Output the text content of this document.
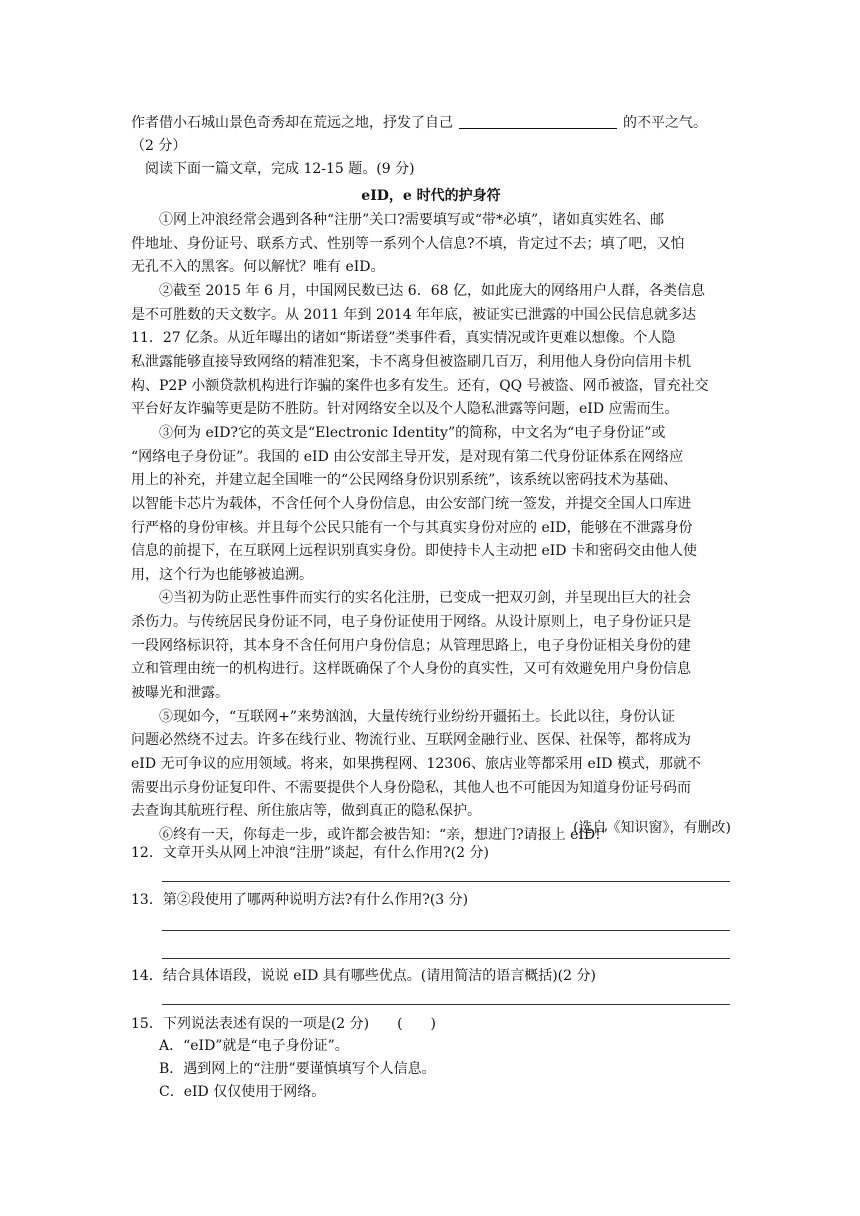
作者借小石城山景色奇秀却在荒远之地，抒发了自己	的不平之气。
（2 分）
阅读下面一篇文章，完成 12-15 题。(9 分)
eID，e 时代的护身符
①网上冲浪经常会遇到各种“注册”关口?需要填写或“带*必填”，诸如真实姓名、邮
件地址、身份证号、联系方式、性别等一系列个人信息?不填，肯定过不去；填了吧，又怕
无孔不入的黑客。何以解忧？唯有 eID。
②截至 2015 年 6 月，中国网民数已达 6．68 亿，如此庞大的网络用户人群，各类信息
是不可胜数的天文数字。从 2011 年到 2014 年年底，被证实已泄露的中国公民信息就多达
11．27 亿条。从近年曝出的诸如“斯诺登”类事件看，真实情况或许更难以想像。个人隐
私泄露能够直接导致网络的精准犯案，卡不离身但被盗刷几百万，利用他人身份向信用卡机
构、P2P 小额贷款机构进行诈骗的案件也多有发生。还有，QQ 号被盗、网币被盗，冒充社交
平台好友诈骗等更是防不胜防。针对网络安全以及个人隐私泄露等问题，eID 应需而生。
③何为 eID?它的英文是“Electronic Identity”的简称，中文名为“电子身份证”或
“网络电子身份证”。我国的 eID 由公安部主导开发，是对现有第二代身份证体系在网络应
用上的补充，并建立起全国唯一的“公民网络身份识别系统”，该系统以密码技术为基础、
以智能卡芯片为载体，不含任何个人身份信息，由公安部门统一签发，并提交全国人口库进
行严格的身份审核。并且每个公民只能有一个与其真实身份对应的 eID，能够在不泄露身份
信息的前提下，在互联网上远程识别真实身份。即使持卡人主动把 eID 卡和密码交由他人使
用，这个行为也能够被追溯。
④当初为防止恶性事件而实行的实名化注册，已变成一把双刃剑，并呈现出巨大的社会
杀伤力。与传统居民身份证不同，电子身份证使用于网络。从设计原则上，电子身份证只是
一段网络标识符，其本身不含任何用户身份信息；从管理思路上，电子身份证相关身份的建
立和管理由统一的机构进行。这样既确保了个人身份的真实性，又可有效避免用户身份信息
被曝光和泄露。
⑤现如今，“互联网+”来势汹汹，大量传统行业纷纷开疆拓土。长此以往，身份认证
问题必然绕不过去。许多在线行业、物流行业、互联网金融行业、医保、社保等，都将成为
eID 无可争议的应用领域。将来，如果携程网、12306、旅店业等都采用 eID 模式，那就不
需要出示身份证复印件、不需要提供个人身份隐私，其他人也不可能因为知道身份证号码而
去查询其航班行程、所住旅店等，做到真正的隐私保护。
⑥终有一天，你每走一步，或许都会被告知：“亲，想进门?请报上 eID!”
(选自《知识窗》，有删改)
12．文章开头从网上冲浪“注册”谈起，有什么作用?(2 分)
13．第②段使用了哪两种说明方法?有什么作用?(3 分)
14．结合具体语段，说说 eID 具有哪些优点。(请用简洁的语言概括)(2 分)
15．下列说法表述有误的一项是(2 分)　　(　　)
A．“eID”就是“电子身份证”。
B．遇到网上的“注册”要谨慎填写个人信息。
C．eID 仅仅使用于网络。
